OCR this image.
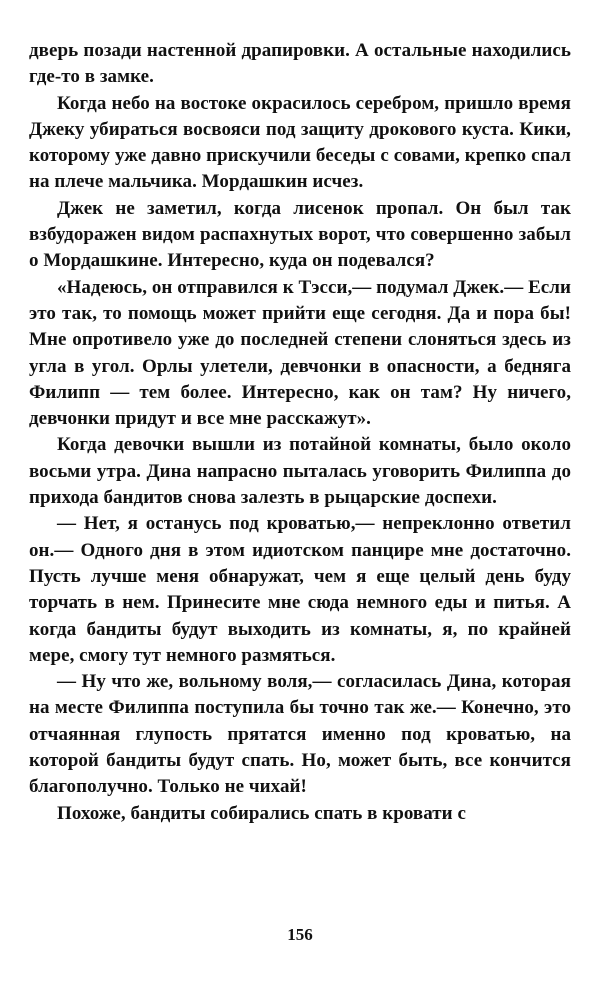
дверь позади настенной драпировки. А остальные находились где-то в замке.

Когда небо на востоке окрасилось серебром, пришло время Джеку убираться восвояси под защиту дрокового куста. Кики, которому уже давно прискучили беседы с совами, крепко спал на плече мальчика. Мордашкин исчез.

Джек не заметил, когда лисенок пропал. Он был так взбудоражен видом распахнутых ворот, что совершенно забыл о Мордашкине. Интересно, куда он подевался?

«Надеюсь, он отправился к Тэсси,— подумал Джек.— Если это так, то помощь может прийти еще сегодня. Да и пора бы! Мне опротивело уже до последней степени слоняться здесь из угла в угол. Орлы улетели, девчонки в опасности, а бедняга Филипп — тем более. Интересно, как он там? Ну ничего, девчонки придут и все мне расскажут».

Когда девочки вышли из потайной комнаты, было около восьми утра. Дина напрасно пыталась уговорить Филиппа до прихода бандитов снова залезть в рыцарские доспехи.

— Нет, я останусь под кроватью,— непреклонно ответил он.— Одного дня в этом идиотском панцире мне достаточно. Пусть лучше меня обнаружат, чем я еще целый день буду торчать в нем. Принесите мне сюда немного еды и питья. А когда бандиты будут выходить из комнаты, я, по крайней мере, смогу тут немного размяться.

— Ну что же, вольному воля,— согласилась Дина, которая на месте Филиппа поступила бы точно так же.— Конечно, это отчаянная глупость прятатся именно под кроватью, на которой бандиты будут спать. Но, может быть, все кончится благополучно. Только не чихай!

Похоже, бандиты собирались спать в кровати с

156
